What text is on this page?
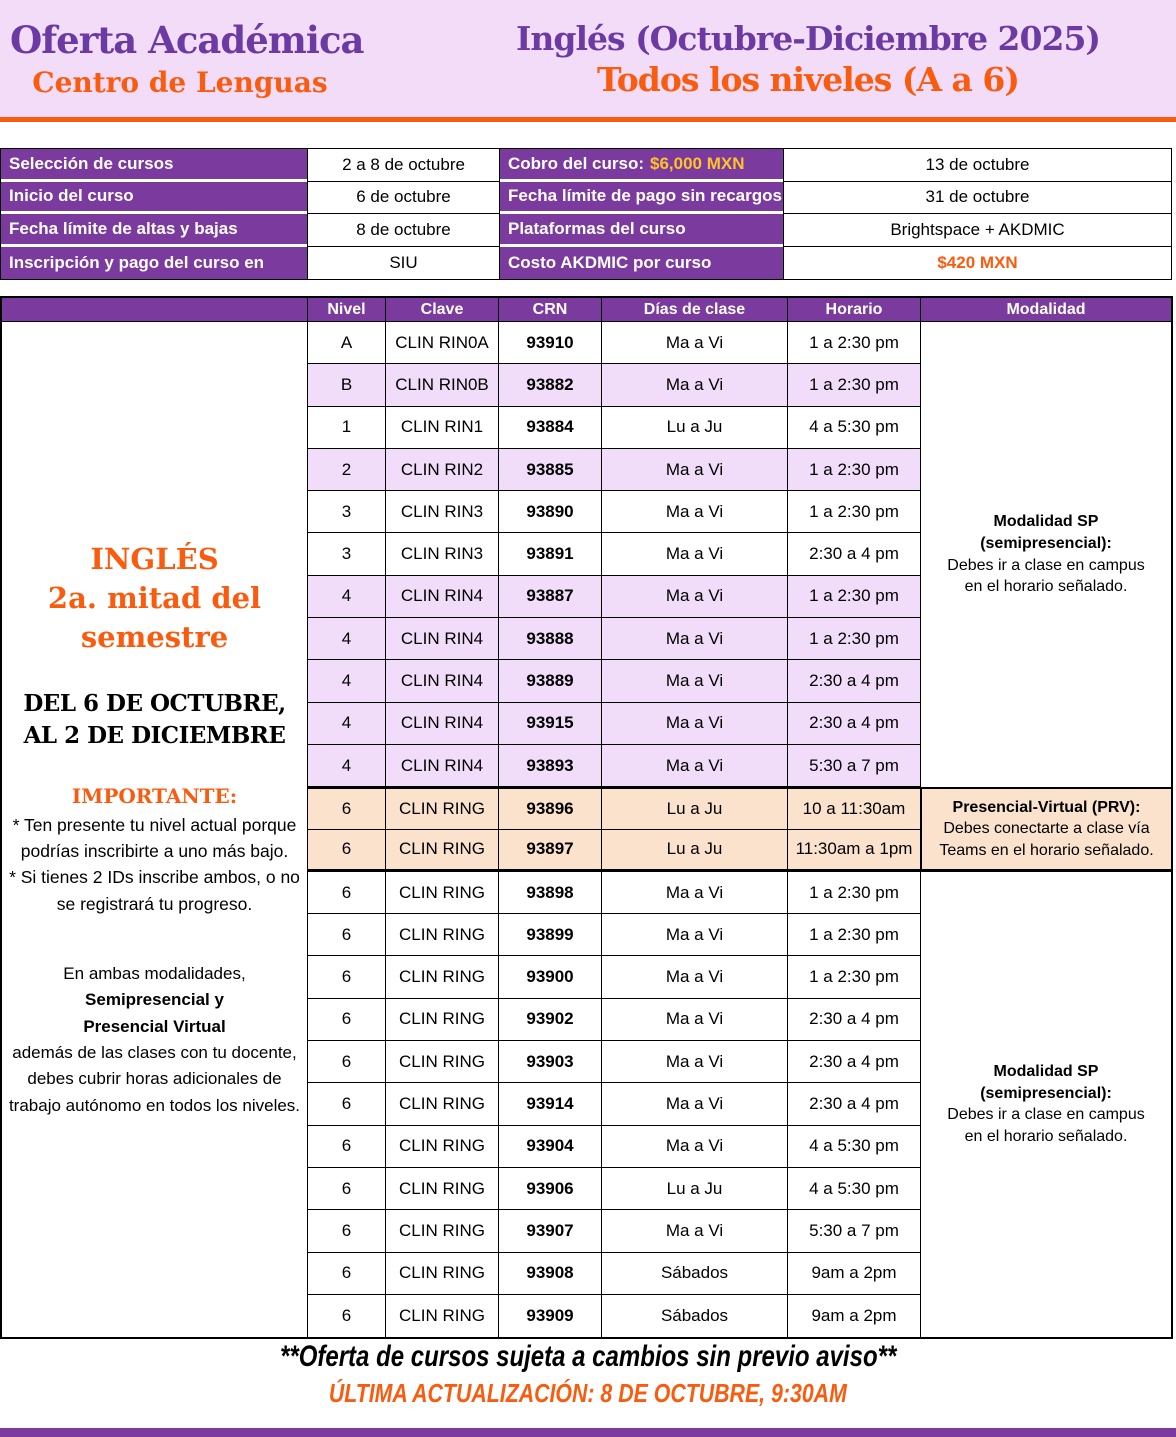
Oferta Académica
Centro de Lenguas
Inglés (Octubre-Diciembre 2025)
Todos los niveles (A a 6)
Selección de cursos	2 a 8 de octubre	Cobro del curso: $6,000 MXN	13 de octubre
Inicio del curso	6 de octubre	Fecha límite de pago sin recargos	31 de octubre
Fecha límite de altas y bajas	8 de octubre	Plataformas del curso	Brightspace + AKDMIC
Inscripción y pago del curso en	SIU	Costo AKDMIC por curso	$420 MXN
Nivel	Clave	CRN	Días de clase	Horario	Modalidad
INGLÉS
2a. mitad del semestre
DEL 6 DE OCTUBRE, AL 2 DE DICIEMBRE
IMPORTANTE:
* Ten presente tu nivel actual porque podrías inscribirte a uno más bajo.
* Si tienes 2 IDs inscribe ambos, o no se registrará tu progreso.
En ambas modalidades,
Semipresencial y
Presencial Virtual
además de las clases con tu docente, debes cubrir horas adicionales de trabajo autónomo en todos los niveles.
Modalidad SP
(semipresencial):
Debes ir a clase en campus
en el horario señalado.
Presencial-Virtual (PRV):
Debes conectarte a clase vía
Teams en el horario señalado.
Modalidad SP
(semipresencial):
Debes ir a clase en campus
en el horario señalado.
A	CLIN RIN0A	93910	Ma a Vi	1 a 2:30 pm
B	CLIN RIN0B	93882	Ma a Vi	1 a 2:30 pm
1	CLIN RIN1	93884	Lu a Ju	4 a 5:30 pm
2	CLIN RIN2	93885	Ma a Vi	1 a 2:30 pm
3	CLIN RIN3	93890	Ma a Vi	1 a 2:30 pm
3	CLIN RIN3	93891	Ma a Vi	2:30 a 4 pm
4	CLIN RIN4	93887	Ma a Vi	1 a 2:30 pm
4	CLIN RIN4	93888	Ma a Vi	1 a 2:30 pm
4	CLIN RIN4	93889	Ma a Vi	2:30 a 4 pm
4	CLIN RIN4	93915	Ma a Vi	2:30 a 4 pm
4	CLIN RIN4	93893	Ma a Vi	5:30 a 7 pm
6	CLIN RING	93896	Lu a Ju	10 a 11:30am
6	CLIN RING	93897	Lu a Ju	11:30am a 1pm
6	CLIN RING	93898	Ma a Vi	1 a 2:30 pm
6	CLIN RING	93899	Ma a Vi	1 a 2:30 pm
6	CLIN RING	93900	Ma a Vi	1 a 2:30 pm
6	CLIN RING	93902	Ma a Vi	2:30 a 4 pm
6	CLIN RING	93903	Ma a Vi	2:30 a 4 pm
6	CLIN RING	93914	Ma a Vi	2:30 a 4 pm
6	CLIN RING	93904	Ma a Vi	4 a 5:30 pm
6	CLIN RING	93906	Lu a Ju	4 a 5:30 pm
6	CLIN RING	93907	Ma a Vi	5:30 a 7 pm
6	CLIN RING	93908	Sábados	9am a 2pm
6	CLIN RING	93909	Sábados	9am a 2pm
**Oferta de cursos sujeta a cambios sin previo aviso**
ÚLTIMA ACTUALIZACIÓN: 8 DE OCTUBRE, 9:30AM
